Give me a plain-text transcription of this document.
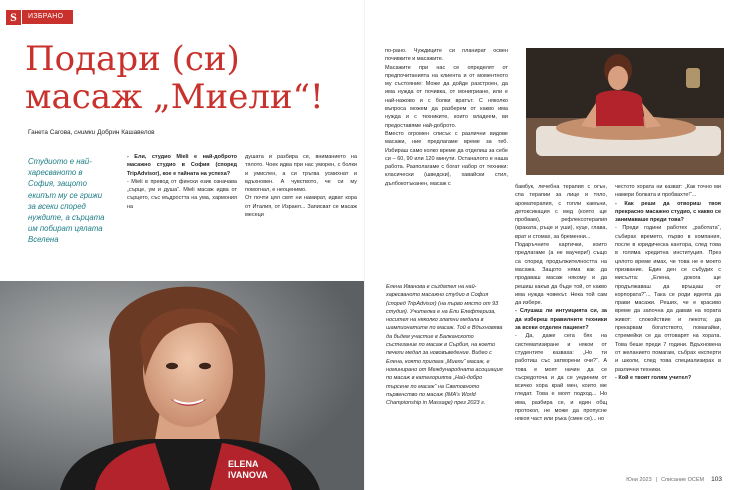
S	ИЗБРАНО
Подари (си)
масаж „Миели“!
Ганета Сагова, снимки Добрин Кашавелов

Студиото е най-харесваното в София, защото екипът му се грижи за всеки според нуждите, а сърцата им побират цялата Вселена

- Ели, студио Mieli е най-доброто масажно студио в София (според TripAdvisor), кое е тайната на успеха?

- Mieli в превод от фински език означава „сърце, ум и душа“. Mieli масаж идва от сърцето, със мъдростта на ума, хармония на

душата и разбира се, вниманието на тялото. Чоек идва при нас уморен, с болки и умислен, а си тръгва усмихнат и вдъхновен. А чувството, че си му помогнал, е неоценимо.

От почти цял свят ни намират, идват кора от Италия, от Израел... Записват се масаж месеци

по-рано. Чуждиците си планират освен почивките и масажите.

Масажите при нас се определят от предпочитанията на клиента и от моментното му състояние: Може да дойде разстроен, да има нужда от почивка, от монигриане, или е най-нажово и с болки вратът. С няколко въпроса можем да разберем от какво има нужда и с техниките, които владеем, ви предоставяме най-доброто.

Вместо огромен списък с различни видове масажи, ние предлагаме време за теб. Избираш само колко време да отделиш за себе си – 60, 90 или 120 минути. Останалото е наша работа. Разполагаме с богат набор от техники: класически (шведски), хавайски стил, дълбокотъканен, масаж с

бамбук, лечебна терапия с огън, спа терапии за лице и тяло, ароматерапия, с топли камъни, детоксикация с мед (която ще пробвам), рефлексотерапия (краката, ръце и уши), куце, глава, врат и стомах, за бременни...

Подаръчните картички, които предлагаме (а не ваучери!) също са според продължителността на масажа. Защото няма как да продаваш масаж някому и да решиш какъв да бъде той, от какво има нужда човекът. Нека той сам да избере.

- Слушаш ли интуицията си, за да избереш правилните техники за всеки отделен пациент?

- Да, даже сега бях на систематизиране и някои от студентите казваха: „Но ти работиш със затворени очи?“. А това е моят начин да се съсредоточа и да се уединим от всичко хора край мен, които ме гледат. Това е моят подход... Но има, разбира се, и един общ протокол, не може да пропусне някоя част или ръка (смее се)... но

честото хората ни казват: „Как точно ми намери болката и пробвахте!“...

- Как реши да отвориш твоя прекрасно масажно студио, с какво се занимаваше преди това?

- Преди години работех „работата“, събирах времето, първо в компания, после в юридическа кантора, след това в голяма кредитна институция. През цялото време имах, че това не е моето призвание. Един ден се събудих с мисълта: „Елена, докога ще продължаваш да връщаш от корпората?“... Така се роди идеята да прави масажи. Реших, че е красиво време да започна да давам на хората живот: спокойствие и лекота; да прекарвам богатството, помагайки, стремейки се да отговарят на хората. Това беше преди 7 години. Вдъхновена от желанието помагам, събрах експерти и школи, след това специализирах в различни техники.

- Кой е твоят голям учител?

Елена Иванова е създател на най-харесваното масажно студио в София (според TripAdvisor) (на първо място от 93 студия). Учителка е на Ели Елефтериза, носител на няколко златни медала в шампионатите по масаж. Той е Вдъхновява да бъдем участие в Балканското състезание по масаж в Сърбия, на което печели медал за нововъведение. Видео с Елена, която прилага „Миели“ масаж, е номинирано от Международната асоциация по масаж в категорията „Най-добро търсене по масаж“ на Световното първенство по масаж (IMA’s World Championship in Massage) през 2023 г.

ELENA
IVANOVA	Юни 2023 | Списание ОСЕМ 103
